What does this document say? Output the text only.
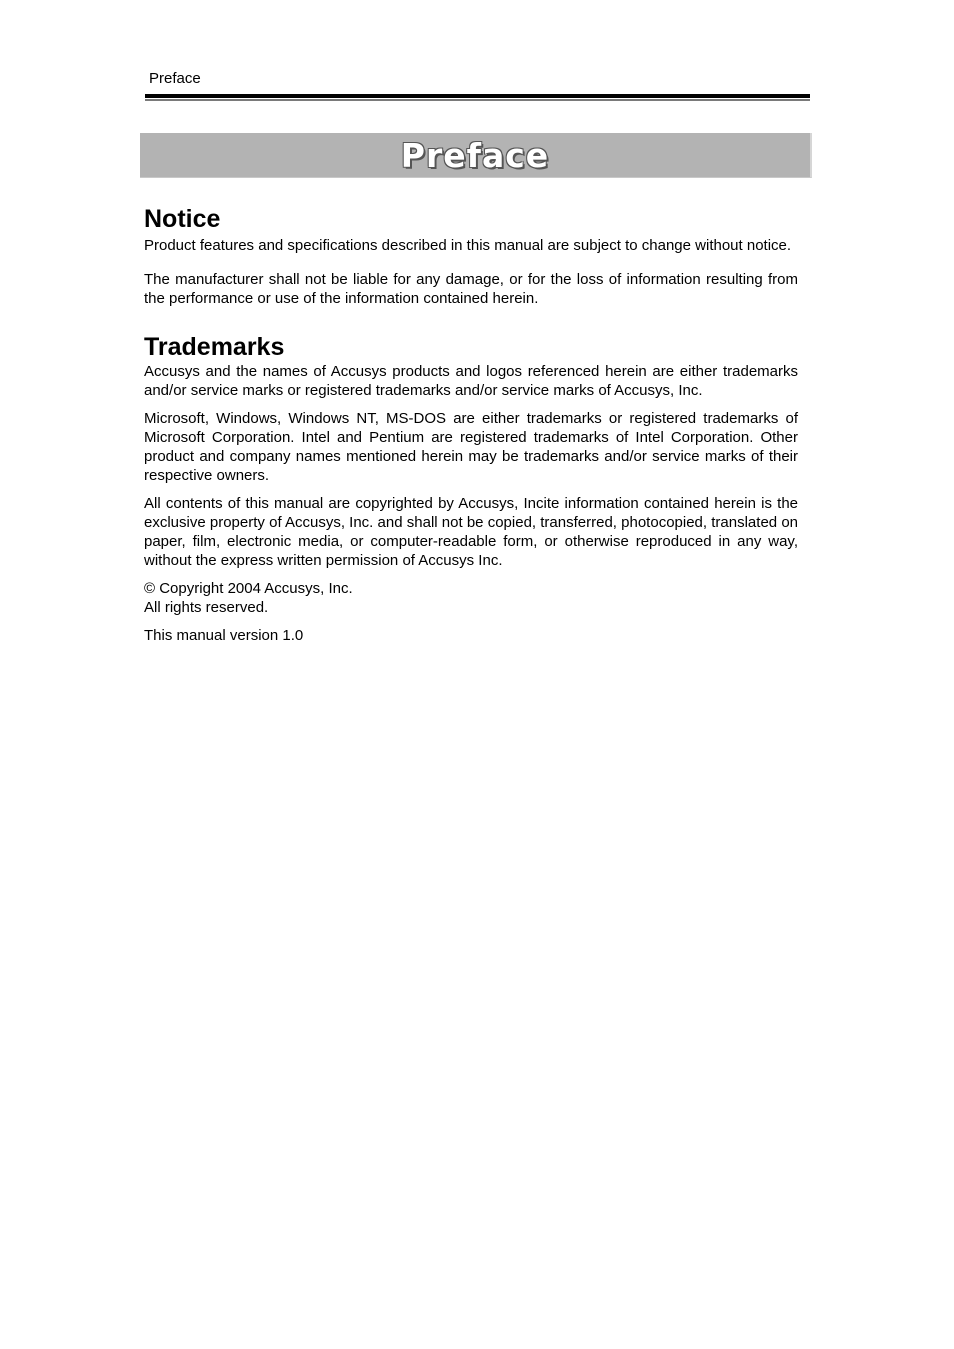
Preface
Preface
Notice

Product features and specifications described in this manual are subject to change without notice.

The manufacturer shall not be liable for any damage, or for the loss of information resulting from the performance or use of the information contained herein.

Trademarks

Accusys and the names of Accusys products and logos referenced herein are either trademarks and/or service marks or registered trademarks and/or service marks of Accusys, Inc.

Microsoft, Windows, Windows NT, MS-DOS are either trademarks or registered trademarks of Microsoft Corporation. Intel and Pentium are registered trademarks of Intel Corporation. Other product and company names mentioned herein may be trademarks and/or service marks of their respective owners.

All contents of this manual are copyrighted by Accusys, Incite information contained herein is the exclusive property of Accusys, Inc. and shall not be copied, transferred, photocopied, translated on paper, film, electronic media, or computer-readable form, or otherwise reproduced in any way, without the express written permission of Accusys Inc.

© Copyright 2004 Accusys, Inc.
All rights reserved.

This manual version 1.0
